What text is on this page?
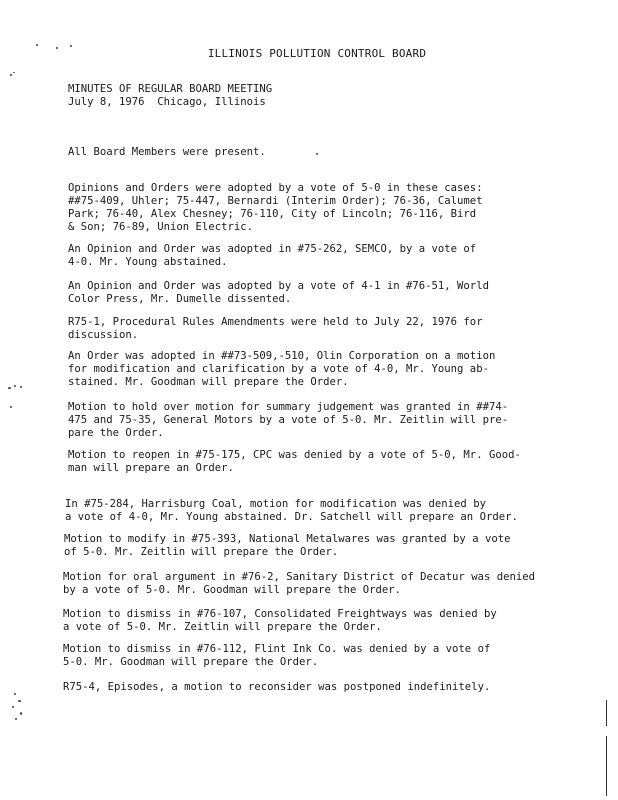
ILLINOIS POLLUTION CONTROL BOARD
MINUTES OF REGULAR BOARD MEETING
July 8, 1976  Chicago, Illinois
All Board Members were present.
Opinions and Orders were adopted by a vote of 5-0 in these cases:
##75-409, Uhler; 75-447, Bernardi (Interim Order); 76-36, Calumet
Park; 76-40, Alex Chesney; 76-110, City of Lincoln; 76-116, Bird
& Son; 76-89, Union Electric.
An Opinion and Order was adopted in #75-262, SEMCO, by a vote of
4-0. Mr. Young abstained.
An Opinion and Order was adopted by a vote of 4-1 in #76-51, World
Color Press, Mr. Dumelle dissented.
R75-1, Procedural Rules Amendments were held to July 22, 1976 for
discussion.
An Order was adopted in ##73-509,-510, Olin Corporation on a motion
for modification and clarification by a vote of 4-0, Mr. Young ab-
stained. Mr. Goodman will prepare the Order.
Motion to hold over motion for summary judgement was granted in ##74-
475 and 75-35, General Motors by a vote of 5-0. Mr. Zeitlin will pre-
pare the Order.
Motion to reopen in #75-175, CPC was denied by a vote of 5-0, Mr. Good-
man will prepare an Order.
In #75-284, Harrisburg Coal, motion for modification was denied by
a vote of 4-0, Mr. Young abstained. Dr. Satchell will prepare an Order.
Motion to modify in #75-393, National Metalwares was granted by a vote
of 5-0. Mr. Zeitlin will prepare the Order.
Motion for oral argument in #76-2, Sanitary District of Decatur was denied
by a vote of 5-0. Mr. Goodman will prepare the Order.
Motion to dismiss in #76-107, Consolidated Freightways was denied by
a vote of 5-0. Mr. Zeitlin will prepare the Order.
Motion to dismiss in #76-112, Flint Ink Co. was denied by a vote of
5-0. Mr. Goodman will prepare the Order.
R75-4, Episodes, a motion to reconsider was postponed indefinitely.
